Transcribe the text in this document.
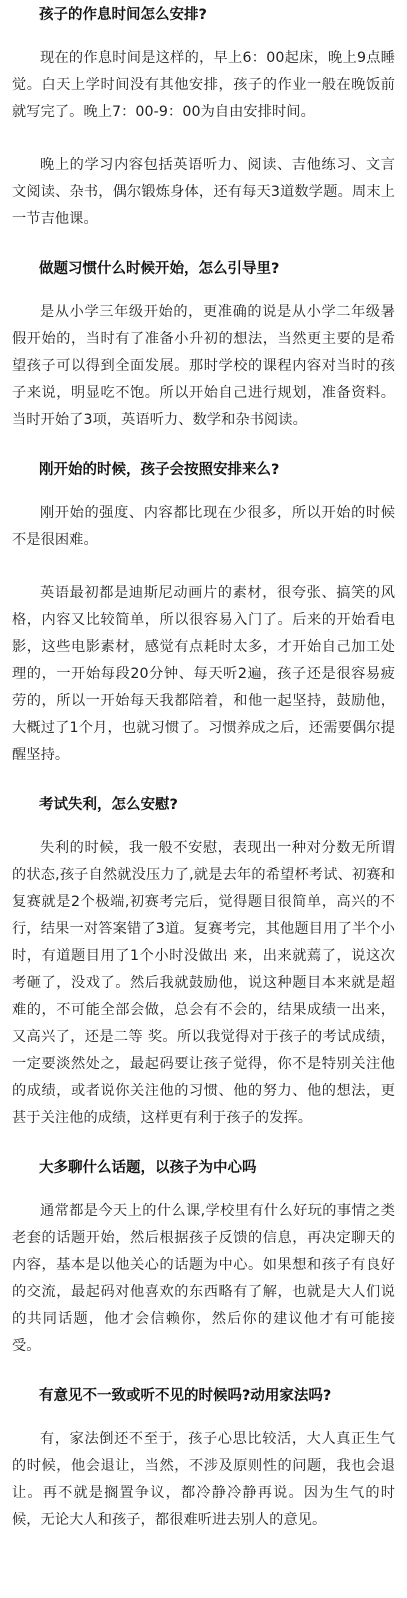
孩子的作息时间怎么安排?

现在的作息时间是这样的，早上6：00起床，晚上9点睡觉。白天上学时间没有其他安排，孩子的作业一般在晚饭前就写完了。晚上7：00-9：00为自由安排时间。

晚上的学习内容包括英语听力、阅读、吉他练习、文言文阅读、杂书，偶尔锻炼身体，还有每天3道数学题。周末上一节吉他课。

做题习惯什么时候开始，怎么引导里?

是从小学三年级开始的，更准确的说是从小学二年级暑假开始的，当时有了准备小升初的想法，当然更主要的是希望孩子可以得到全面发展。那时学校的课程内容对当时的孩子来说，明显吃不饱。所以开始自己进行规划，准备资料。当时开始了3项，英语听力、数学和杂书阅读。

刚开始的时候，孩子会按照安排来么?

刚开始的强度、内容都比现在少很多，所以开始的时候不是很困难。

英语最初都是迪斯尼动画片的素材，很夸张、搞笑的风格，内容又比较简单，所以很容易入门了。后来的开始看电影，这些电影素材，感觉有点耗时太多，才开始自己加工处理的，一开始每段20分钟、每天听2遍，孩子还是很容易疲劳的，所以一开始每天我都陪着，和他一起坚持，鼓励他，大概过了1个月，也就习惯了。习惯养成之后，还需要偶尔提醒坚持。

考试失利，怎么安慰?

失利的时候，我一般不安慰，表现出一种对分数无所谓的状态,孩子自然就没压力了,就是去年的希望杯考试、初赛和复赛就是2个极端,初赛考完后，觉得题目很简单，高兴的不行，结果一对答案错了3道。复赛考完，其他题目用了半个小时，有道题目用了1个小时没做出 来，出来就蔫了，说这次考砸了，没戏了。然后我就鼓励他，说这种题目本来就是超难的，不可能全部会做，总会有不会的，结果成绩一出来，又高兴了，还是二等 奖。所以我觉得对于孩子的考试成绩，一定要淡然处之，最起码要让孩子觉得，你不是特别关注他的成绩，或者说你关注他的习惯、他的努力、他的想法，更甚于关注他的成绩，这样更有利于孩子的发挥。

大多聊什么话题，以孩子为中心吗

通常都是今天上的什么课,学校里有什么好玩的事情之类老套的话题开始，然后根据孩子反馈的信息，再决定聊天的内容，基本是以他关心的话题为中心。如果想和孩子有良好的交流，最起码对他喜欢的东西略有了解，也就是大人们说的共同话题，他才会信赖你，然后你的建议他才有可能接受。

有意见不一致或听不见的时候吗?动用家法吗?

有，家法倒还不至于，孩子心思比较活，大人真正生气的时候，他会退让，当然，不涉及原则性的问题，我也会退让。再不就是搁置争议，都冷静冷静再说。因为生气的时候，无论大人和孩子，都很难听进去别人的意见。
